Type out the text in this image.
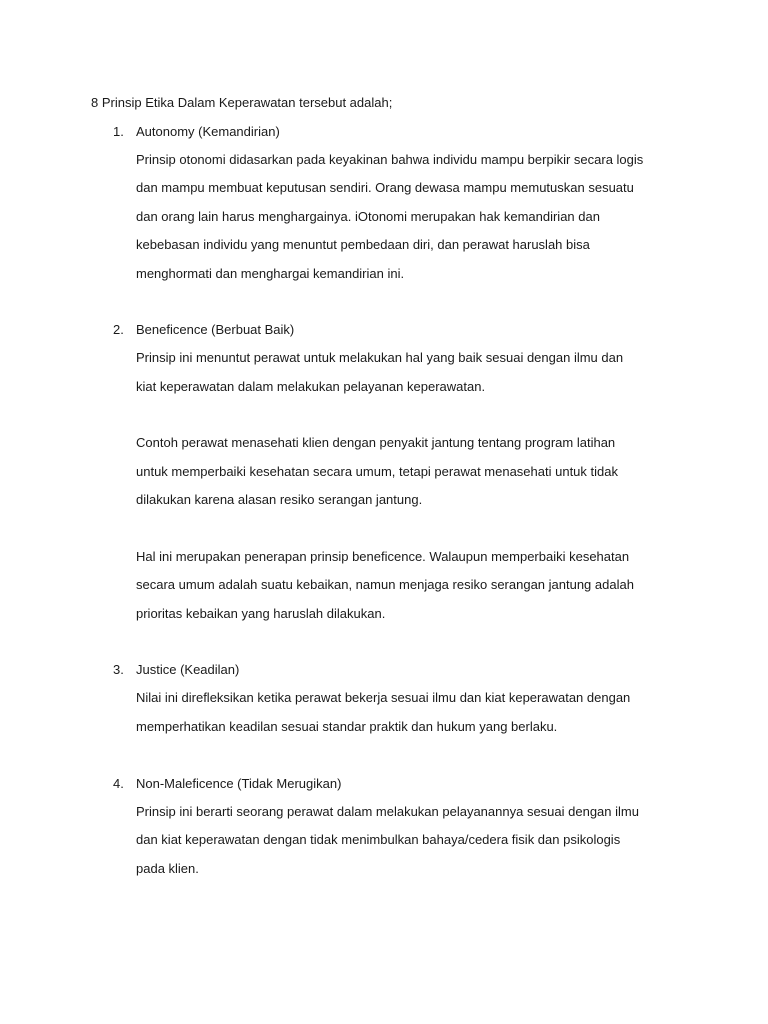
8 Prinsip Etika Dalam Keperawatan tersebut adalah;
1. Autonomy (Kemandirian)
Prinsip otonomi didasarkan pada keyakinan bahwa individu mampu berpikir secara logis
dan mampu membuat keputusan sendiri. Orang dewasa mampu memutuskan sesuatu
dan orang lain harus menghargainya. iOtonomi merupakan hak kemandirian dan
kebebasan individu yang menuntut pembedaan diri, dan perawat haruslah bisa
menghormati dan menghargai kemandirian ini.
2. Beneficence (Berbuat Baik)
Prinsip ini menuntut perawat untuk melakukan hal yang baik sesuai dengan ilmu dan
kiat keperawatan dalam melakukan pelayanan keperawatan.
Contoh perawat menasehati klien dengan penyakit jantung tentang program latihan
untuk memperbaiki kesehatan secara umum, tetapi perawat menasehati untuk tidak
dilakukan karena alasan resiko serangan jantung.
Hal ini merupakan penerapan prinsip beneficence. Walaupun memperbaiki kesehatan
secara umum adalah suatu kebaikan, namun menjaga resiko serangan jantung adalah
prioritas kebaikan yang haruslah dilakukan.
3. Justice (Keadilan)
Nilai ini direfleksikan ketika perawat bekerja sesuai ilmu dan kiat keperawatan dengan
memperhatikan keadilan sesuai standar praktik dan hukum yang berlaku.
4. Non-Maleficence (Tidak Merugikan)
Prinsip ini berarti seorang perawat dalam melakukan pelayanannya sesuai dengan ilmu
dan kiat keperawatan dengan tidak menimbulkan bahaya/cedera fisik dan psikologis
pada klien.
